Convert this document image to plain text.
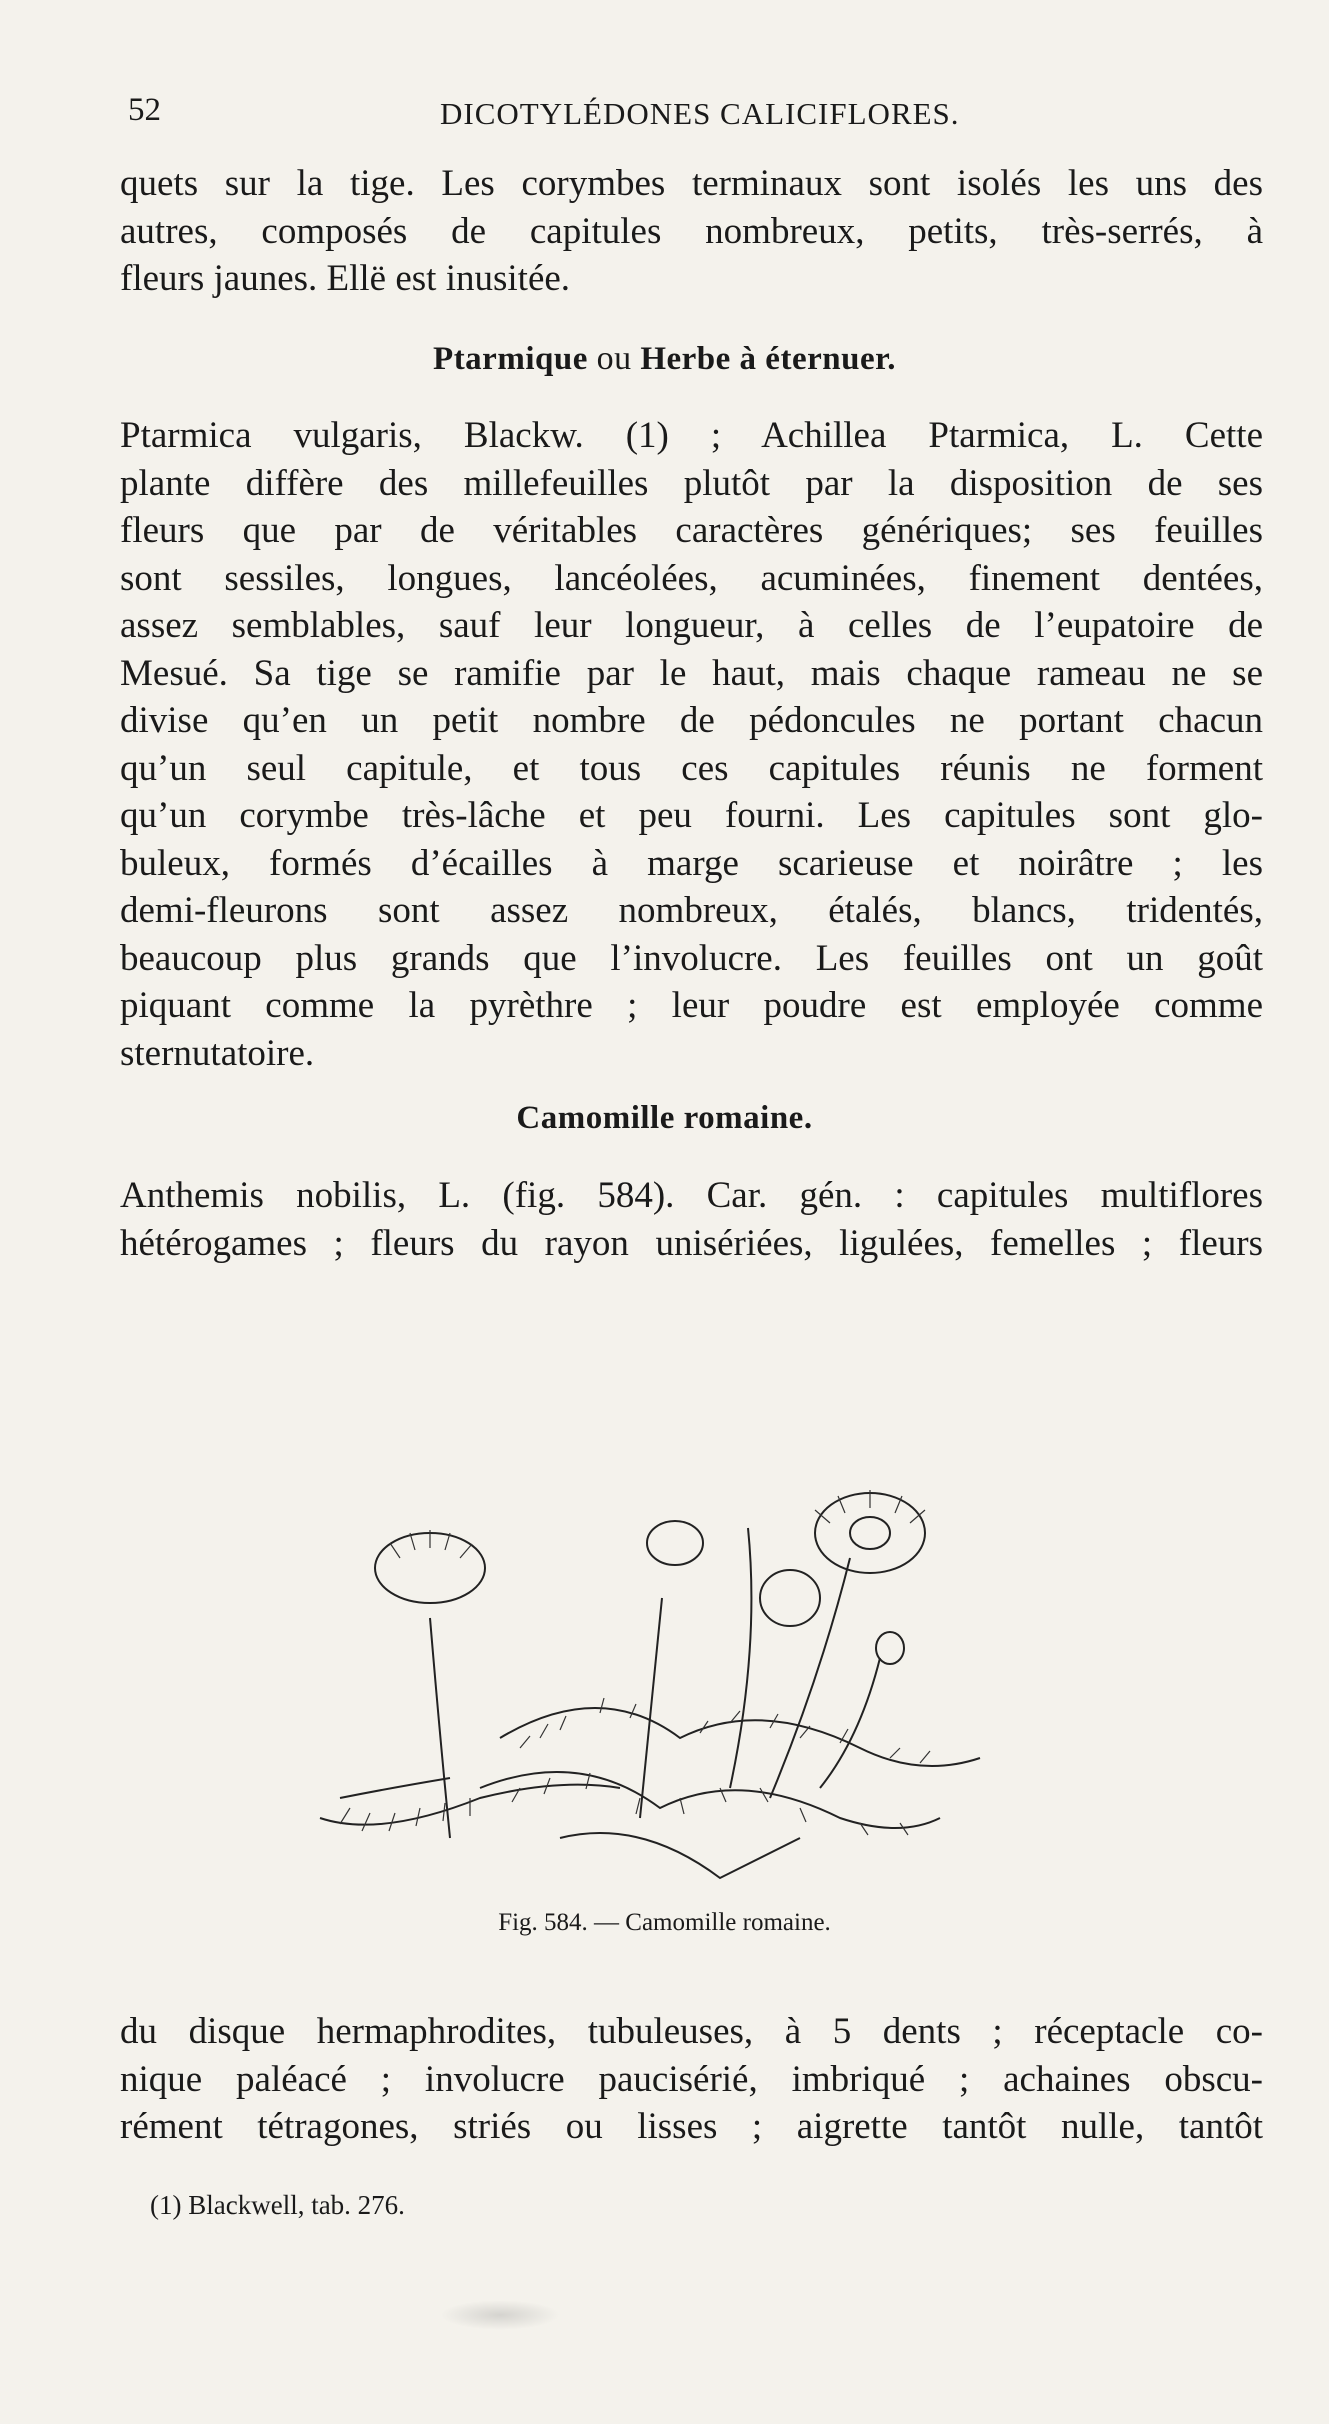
52	DICOTYLÉDONES CALICIFLORES.
quets sur la tige. Les corymbes terminaux sont isolés les uns des
autres, composés de capitules nombreux, petits, très-serrés, à
fleurs jaunes. Ellë est inusitée.
Ptarmique ou Herbe à éternuer.
Ptarmica vulgaris, Blackw. (1) ; Achillea Ptarmica, L. Cette
plante diffère des millefeuilles plutôt par la disposition de ses
fleurs que par de véritables caractères génériques; ses feuilles
sont sessiles, longues, lancéolées, acuminées, finement dentées,
assez semblables, sauf leur longueur, à celles de l’eupatoire de
Mesué. Sa tige se ramifie par le haut, mais chaque rameau ne se
divise qu’en un petit nombre de pédoncules ne portant chacun
qu’un seul capitule, et tous ces capitules réunis ne forment
qu’un corymbe très-lâche et peu fourni. Les capitules sont glo-
buleux, formés d’écailles à marge scarieuse et noirâtre ; les
demi-fleurons sont assez nombreux, étalés, blancs, tridentés,
beaucoup plus grands que l’involucre. Les feuilles ont un goût
piquant comme la pyrèthre ; leur poudre est employée comme
sternutatoire.
Camomille romaine.
Anthemis nobilis, L. (fig. 584). Car. gén. : capitules multiflores
hétérogames ; fleurs du rayon unisériées, ligulées, femelles ; fleurs
Fig. 584. — Camomille romaine.
du disque hermaphrodites, tubuleuses, à 5 dents ; réceptacle co-
nique paléacé ; involucre paucisérié, imbriqué ; achaines obscu-
rément tétragones, striés ou lisses ; aigrette tantôt nulle, tantôt
(1) Blackwell, tab. 276.
